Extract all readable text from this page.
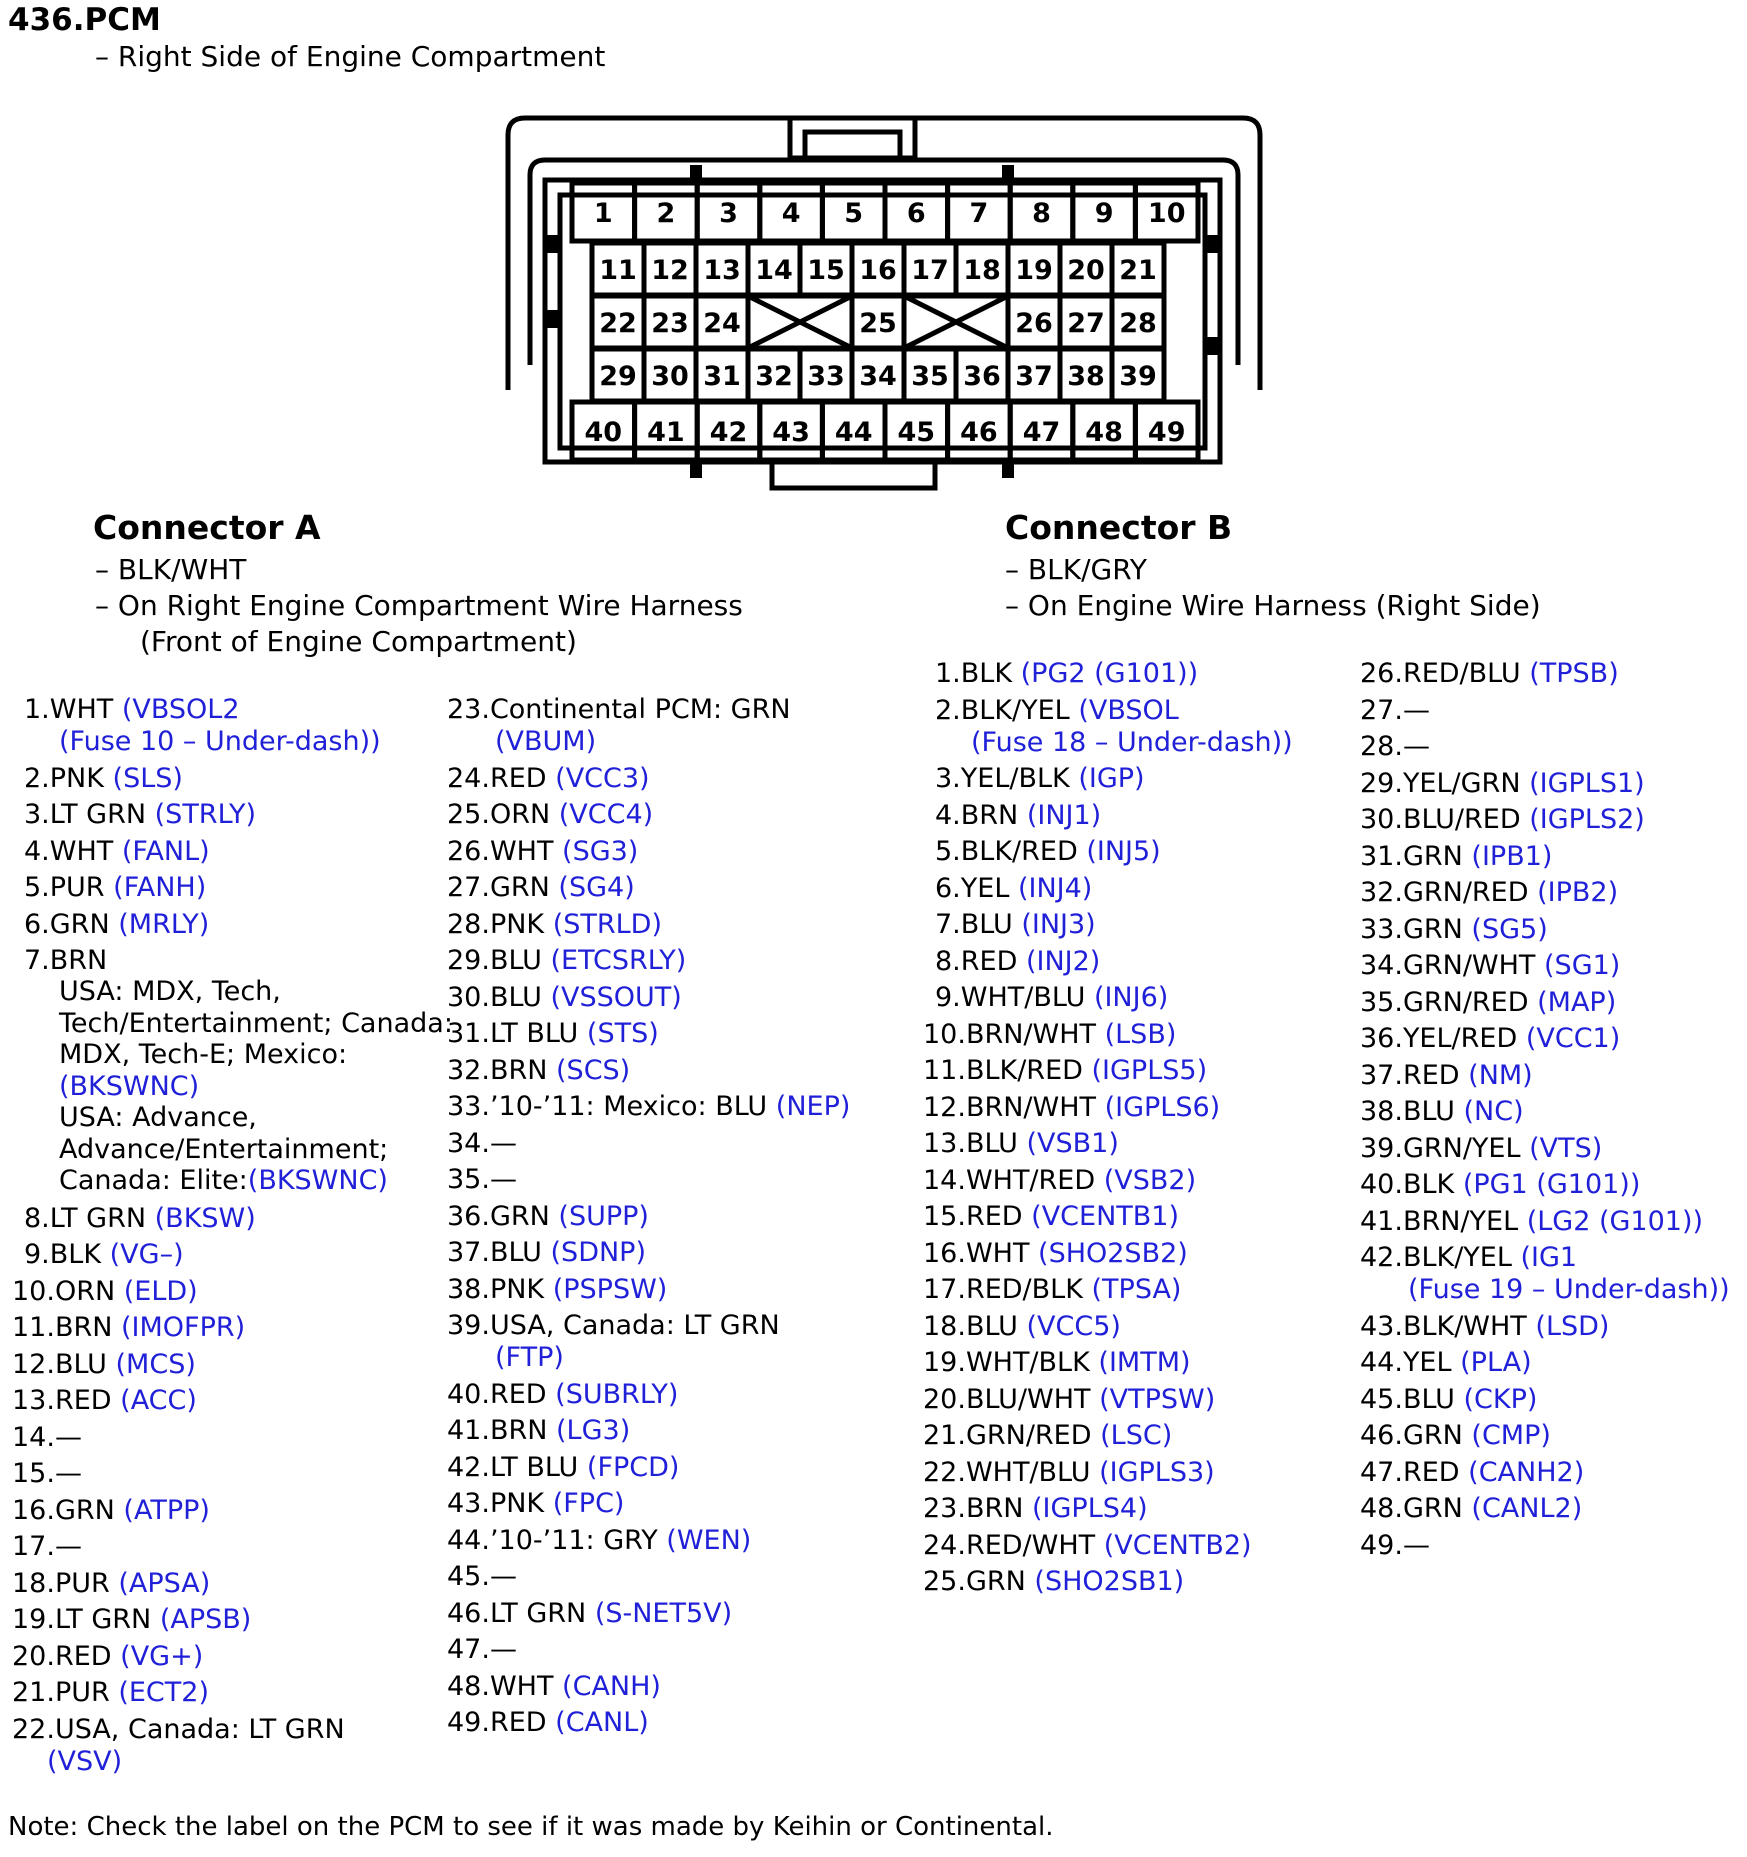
436.PCM
– Right Side of Engine Compartment
1 2 3 4 5 6 7 8 9 10
11 12 13 14 15 16 17 18 19 20 21
22 23 24	25	26 27 28
29 30 31 32 33 34 35 36 37 38 39
40 41 42 43 44 45 46 47 48 49
Connector A
– BLK/WHT
– On Right Engine Compartment Wire Harness
(Front of Engine Compartment)
Connector B
– BLK/GRY
– On Engine Wire Harness (Right Side)
1.WHT (VBSOL2
(Fuse 10 – Under-dash))
2.PNK (SLS)
3.LT GRN (STRLY)
4.WHT (FANL)
5.PUR (FANH)
6.GRN (MRLY)
7.BRN
8.LT GRN (BKSW)
9.BLK (VG–)
10.ORN (ELD)
11.BRN (IMOFPR)
12.BLU (MCS)
13.RED (ACC)
14.—
15.—
16.GRN (ATPP)
17.—
18.PUR (APSA)
19.LT GRN (APSB)
20.RED (VG+)
21.PUR (ECT2)
22.USA, Canada: LT GRN
(VSV)
23.Continental PCM: GRN
(VBUM)
24.RED (VCC3)
25.ORN (VCC4)
26.WHT (SG3)
27.GRN (SG4)
28.PNK (STRLD)
29.BLU (ETCSRLY)
30.BLU (VSSOUT)
31.LT BLU (STS)
32.BRN (SCS)
33.’10-’11: Mexico: BLU (NEP)
34.—
35.—
36.GRN (SUPP)
37.BLU (SDNP)
38.PNK (PSPSW)
39.USA, Canada: LT GRN
(FTP)
40.RED (SUBRLY)
41.BRN (LG3)
42.LT BLU (FPCD)
43.PNK (FPC)
44.’10-’11: GRY (WEN)
45.—
46.LT GRN (S-NET5V)
47.—
48.WHT (CANH)
49.RED (CANL)
1.BLK (PG2 (G101))
2.BLK/YEL (VBSOL
(Fuse 18 – Under-dash))
3.YEL/BLK (IGP)
4.BRN (INJ1)
5.BLK/RED (INJ5)
6.YEL (INJ4)
7.BLU (INJ3)
8.RED (INJ2)
9.WHT/BLU (INJ6)
10.BRN/WHT (LSB)
11.BLK/RED (IGPLS5)
12.BRN/WHT (IGPLS6)
13.BLU (VSB1)
14.WHT/RED (VSB2)
15.RED (VCENTB1)
16.WHT (SHO2SB2)
17.RED/BLK (TPSA)
18.BLU (VCC5)
19.WHT/BLK (IMTM)
20.BLU/WHT (VTPSW)
21.GRN/RED (LSC)
22.WHT/BLU (IGPLS3)
23.BRN (IGPLS4)
24.RED/WHT (VCENTB2)
25.GRN (SHO2SB1)
26.RED/BLU (TPSB)
27.—
28.—
29.YEL/GRN (IGPLS1)
30.BLU/RED (IGPLS2)
31.GRN (IPB1)
32.GRN/RED (IPB2)
33.GRN (SG5)
34.GRN/WHT (SG1)
35.GRN/RED (MAP)
36.YEL/RED (VCC1)
37.RED (NM)
38.BLU (NC)
39.GRN/YEL (VTS)
40.BLK (PG1 (G101))
41.BRN/YEL (LG2 (G101))
42.BLK/YEL (IG1
(Fuse 19 – Under-dash))
43.BLK/WHT (LSD)
44.YEL (PLA)
45.BLU (CKP)
46.GRN (CMP)
47.RED (CANH2)
48.GRN (CANL2)
49.—
Note: Check the label on the PCM to see if it was made by Keihin or Continental.
USA: MDX, Tech,
Tech/Entertainment; Canada:
MDX, Tech-E; Mexico:
(BKSWNC)
USA: Advance,
Advance/Entertainment;
Canada: Elite:(BKSWNC)
